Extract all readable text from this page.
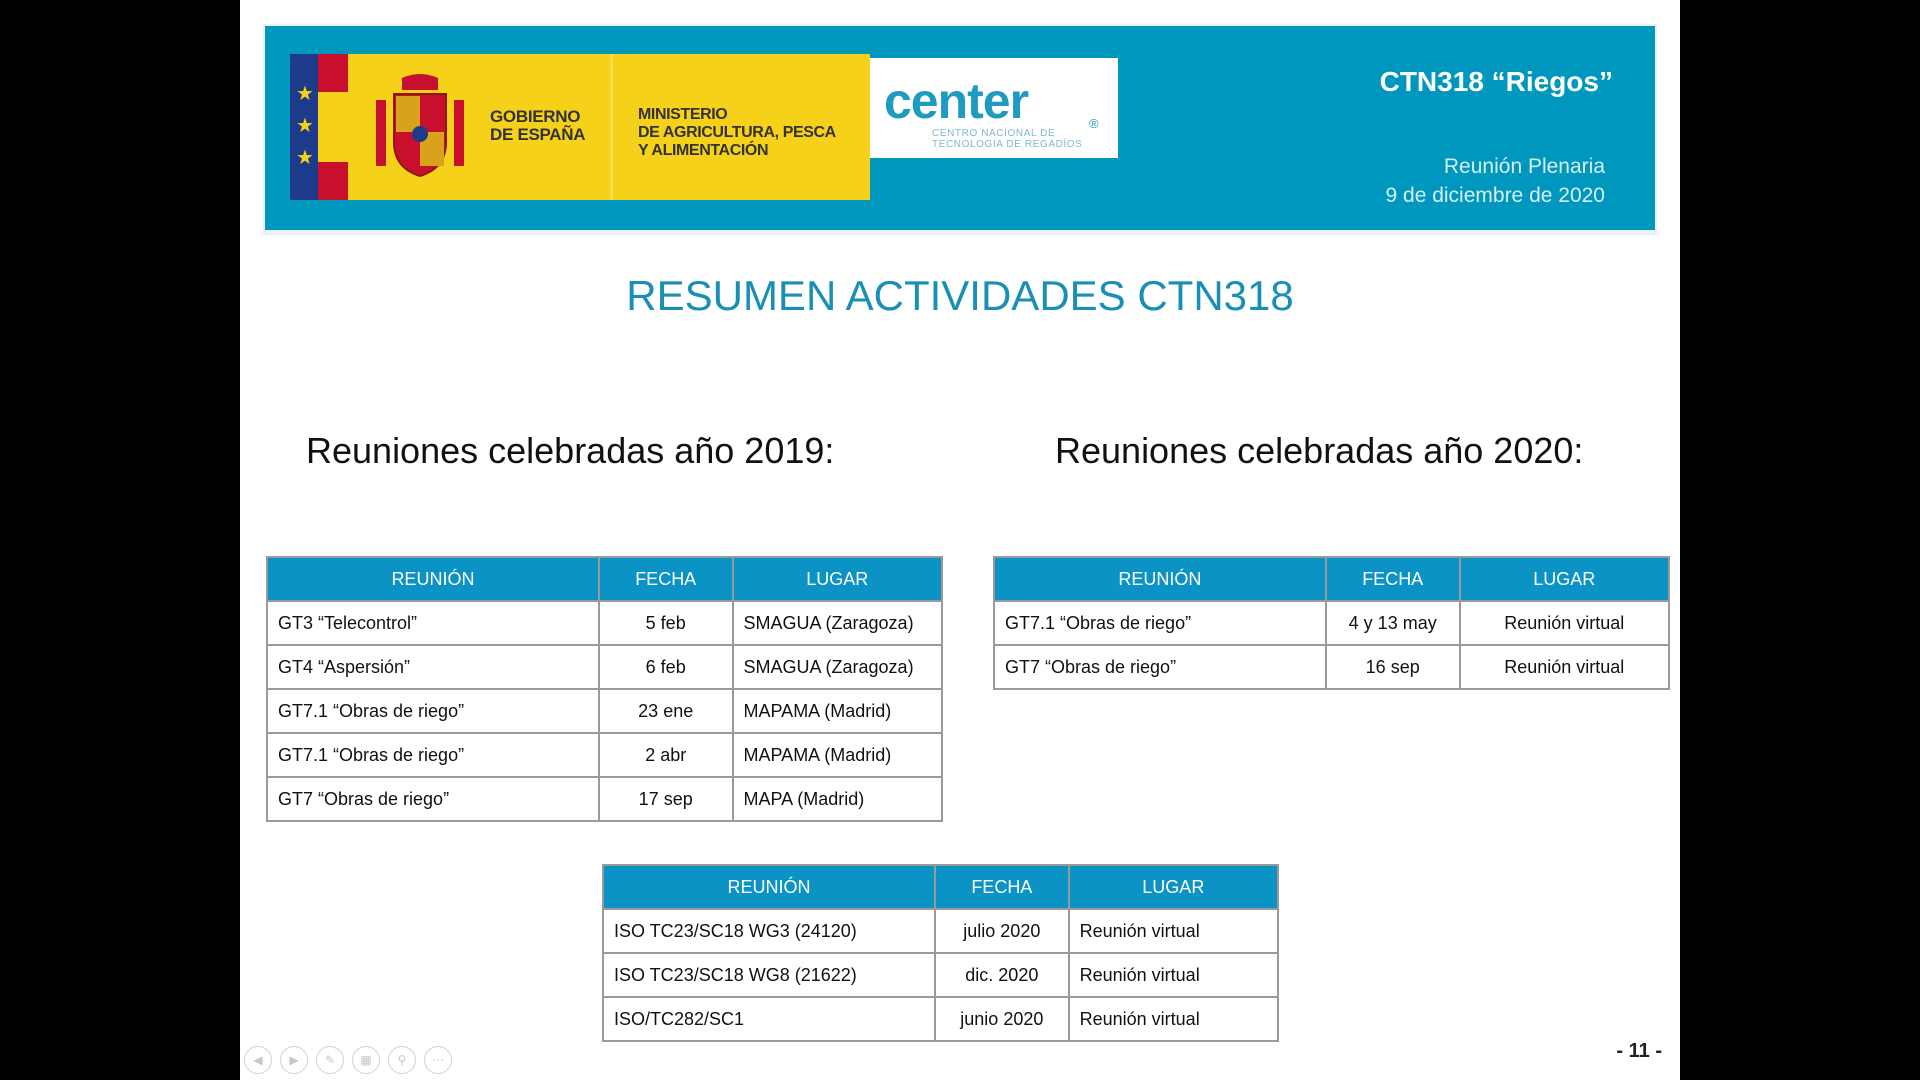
★
★
★
GOBIERNO
DE ESPAÑA
MINISTERIO
DE AGRICULTURA, PESCA
Y ALIMENTACIÓN
center	®
CENTRO NACIONAL DE
TECNOLOGÍA DE REGADÍOS
CTN318 “Riegos”
Reunión Plenaria
9 de diciembre de 2020
RESUMEN ACTIVIDADES CTN318
Reuniones celebradas año 2019:	Reuniones celebradas año 2020:
REUNIÓN	FECHA	LUGAR
GT3 “Telecontrol”	5 feb	SMAGUA (Zaragoza)
GT4 “Aspersión”	6 feb	SMAGUA (Zaragoza)
GT7.1 “Obras de riego”	23 ene	MAPAMA (Madrid)
GT7.1 “Obras de riego”	2 abr	MAPAMA (Madrid)
GT7 “Obras de riego”	17 sep	MAPA (Madrid)
REUNIÓN	FECHA	LUGAR
GT7.1 “Obras de riego”	4 y 13 may	Reunión virtual
GT7 “Obras de riego”	16 sep	Reunión virtual
REUNIÓN	FECHA	LUGAR
ISO TC23/SC18 WG3 (24120)	julio 2020	Reunión virtual
ISO TC23/SC18 WG8 (21622)	dic. 2020	Reunión virtual
ISO/TC282/SC1	junio 2020	Reunión virtual
◀	▶	✎	▦	⚲	⋯	- 11 -
